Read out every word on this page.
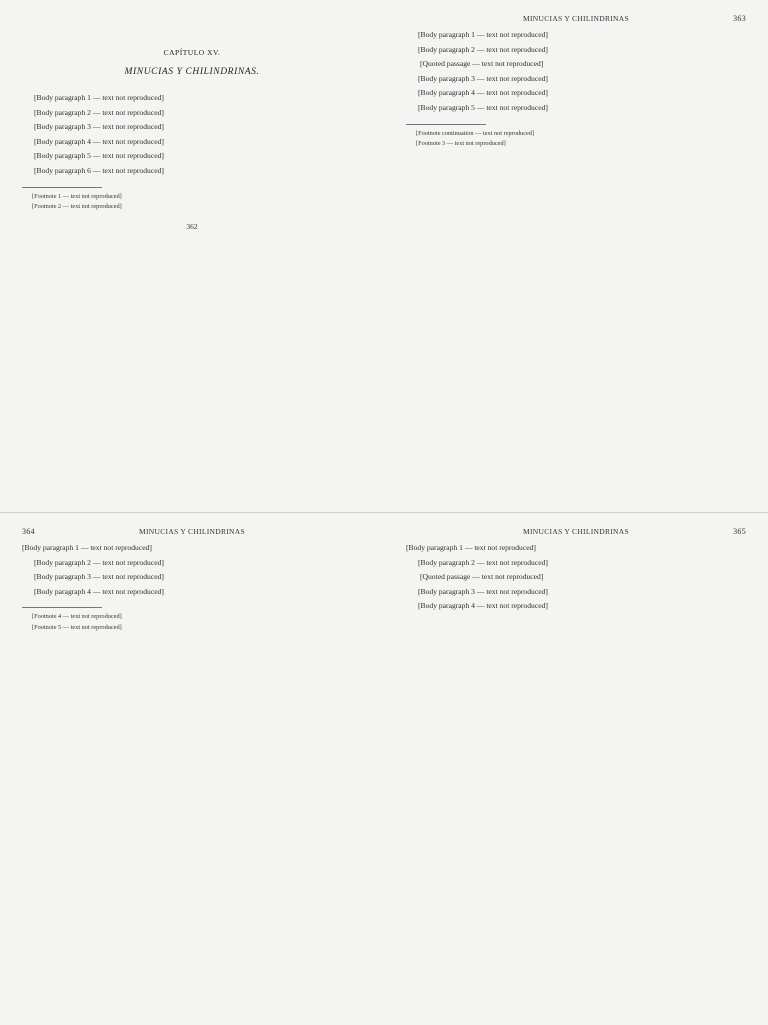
CAPÍTULO XV.
MINUCIAS Y CHILINDRINAS.

[Body paragraph 1 — text not reproduced]

[Body paragraph 2 — text not reproduced]

[Body paragraph 3 — text not reproduced]

[Body paragraph 4 — text not reproduced]

[Body paragraph 5 — text not reproduced]

[Body paragraph 6 — text not reproduced]

[Footnote 1 — text not reproduced]

[Footnote 2 — text not reproduced]

362
MINUCIAS Y CHILINDRINAS	363

[Body paragraph 1 — text not reproduced]

[Body paragraph 2 — text not reproduced]

[Quoted passage — text not reproduced]

[Body paragraph 3 — text not reproduced]

[Body paragraph 4 — text not reproduced]

[Body paragraph 5 — text not reproduced]

[Footnote continuation — text not reproduced]

[Footnote 3 — text not reproduced]

364	MINUCIAS Y CHILINDRINAS

[Body paragraph 1 — text not reproduced]

[Body paragraph 2 — text not reproduced]

[Body paragraph 3 — text not reproduced]

[Body paragraph 4 — text not reproduced]

[Footnote 4 — text not reproduced]

[Footnote 5 — text not reproduced]

MINUCIAS Y CHILINDRINAS	365

[Body paragraph 1 — text not reproduced]

[Body paragraph 2 — text not reproduced]

[Quoted passage — text not reproduced]

[Body paragraph 3 — text not reproduced]

[Body paragraph 4 — text not reproduced]
